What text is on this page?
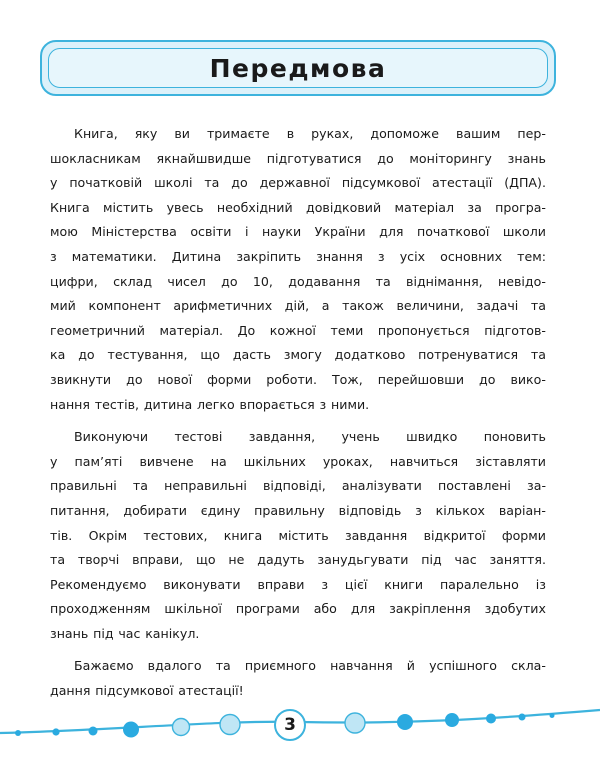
Передмова
Книга, яку ви тримаєте в руках, допоможе вашим пер-
шокласникам якнайшвидше підготуватися до моніторингу знань
у початковій школі та до державної підсумкової атестації (ДПА).
Книга містить увесь необхідний довідковий матеріал за програ-
мою Міністерства освіти і науки України для початкової школи
з математики. Дитина закріпить знання з усіх основних тем:
цифри, склад чисел до 10, додавання та віднімання, невідо-
мий компонент арифметичних дій, а також величини, задачі та
геометричний матеріал. До кожної теми пропонується підготов-
ка до тестування, що дасть змогу додатково потренуватися та
звикнути до нової форми роботи. Тож, перейшовши до вико-
нання тестів, дитина легко впорається з ними.
Виконуючи тестові завдання, учень швидко поновить
у пам’яті вивчене на шкільних уроках, навчиться зіставляти
правильні та неправильні відповіді, аналізувати поставлені за-
питання, добирати єдину правильну відповідь з кількох варіан-
тів. Окрім тестових, книга містить завдання відкритої форми
та творчі вправи, що не дадуть занудьгувати під час заняття.
Рекомендуємо виконувати вправи з цієї книги паралельно із
проходженням шкільної програми або для закріплення здобутих
знань під час канікул.
Бажаємо вдалого та приємного навчання й успішного скла-
дання підсумкової атестації!
3
